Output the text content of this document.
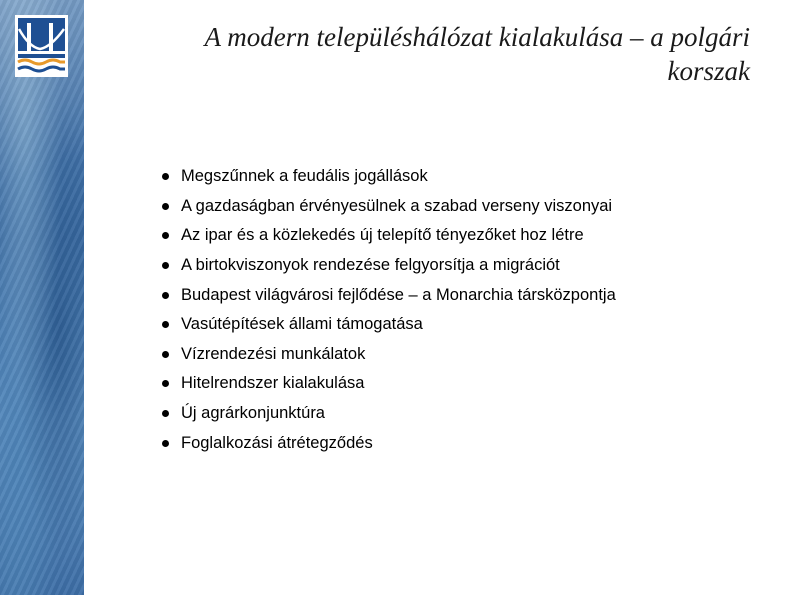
A modern településhálózat kialakulása – a polgári korszak
Megszűnnek a feudális jogállások
A gazdaságban érvényesülnek a szabad verseny viszonyai
Az ipar és a közlekedés új telepítő tényezőket hoz létre
A birtokviszonyok rendezése felgyorsítja a migrációt
Budapest világvárosi fejlődése – a Monarchia társközpontja
Vasútépítések állami támogatása
Vízrendezési munkálatok
Hitelrendszer kialakulása
Új agrárkonjunktúra
Foglalkozási átrétegződés
